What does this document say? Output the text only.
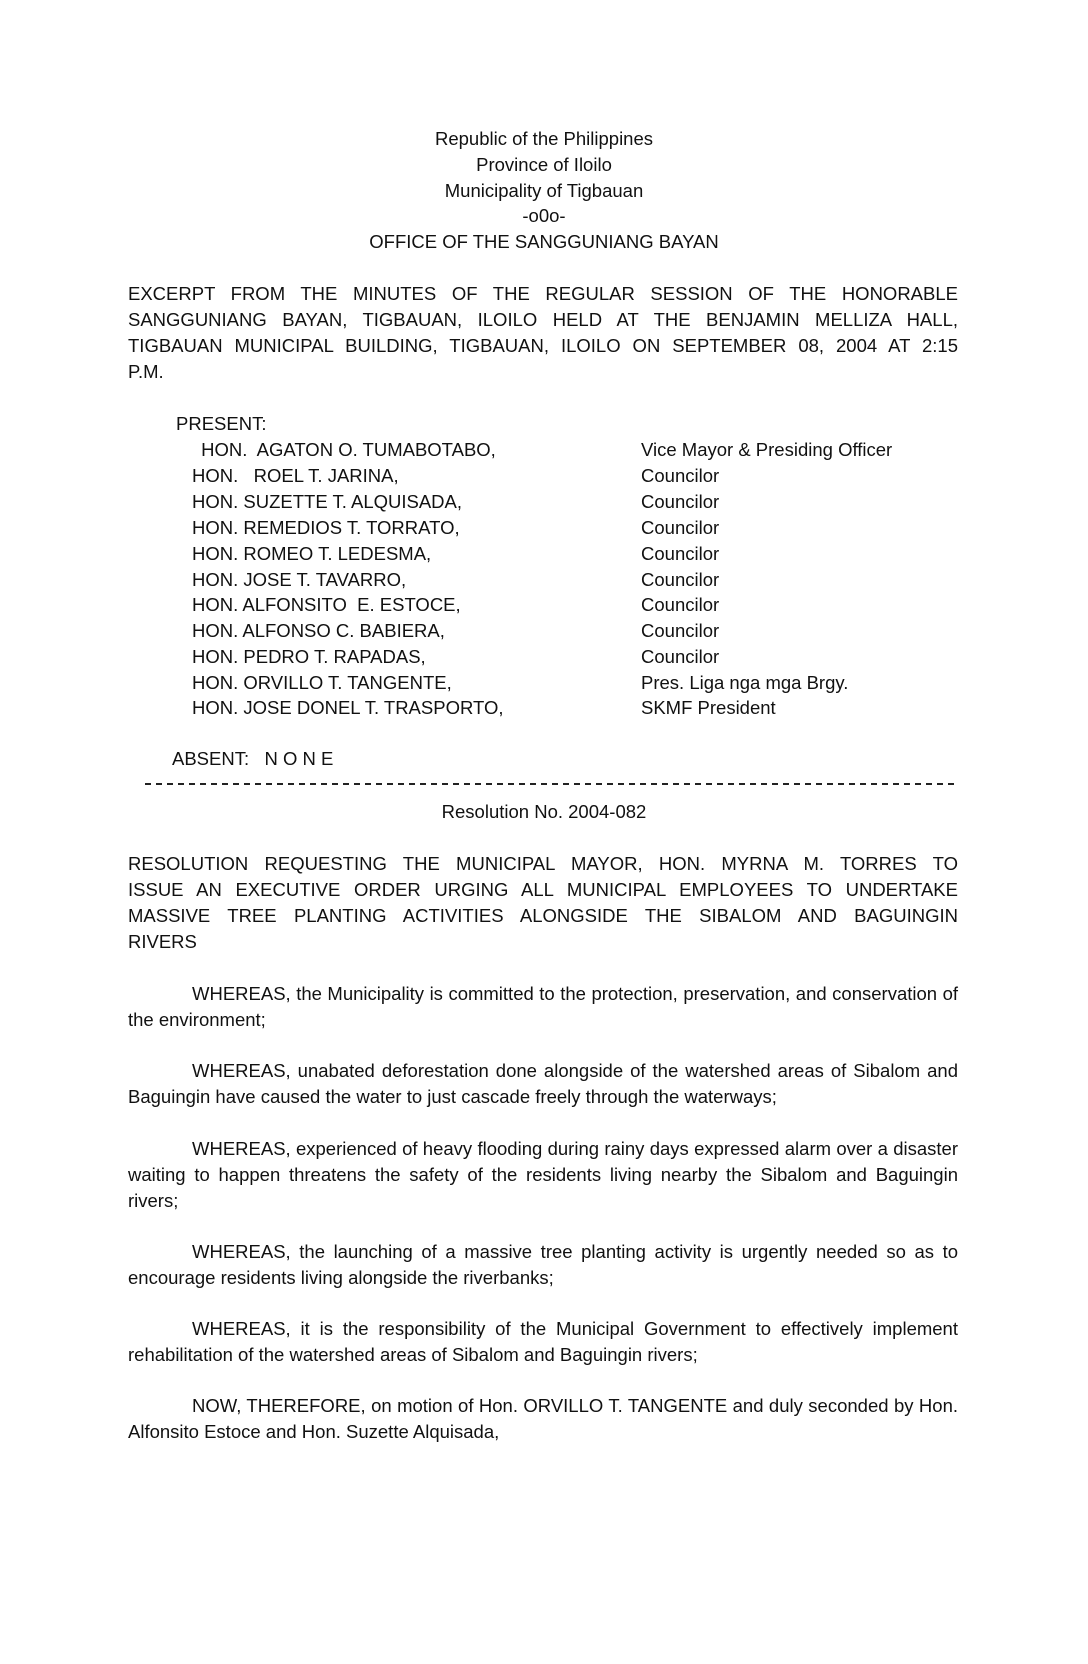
Republic of the Philippines
Province of Iloilo
Municipality of Tigbauan
-o0o-
OFFICE OF THE SANGGUNIANG BAYAN
EXCERPT FROM THE MINUTES OF THE REGULAR SESSION OF THE HONORABLE
SANGGUNIANG BAYAN, TIGBAUAN, ILOILO HELD AT THE BENJAMIN MELLIZA HALL,
TIGBAUAN MUNICIPAL BUILDING, TIGBAUAN, ILOILO ON SEPTEMBER 08, 2004 AT 2:15
P.M.
PRESENT:
HON.  AGATON O. TUMABOTABO,	Vice Mayor & Presiding Officer
HON.   ROEL T. JARINA,	Councilor
HON. SUZETTE T. ALQUISADA,	Councilor
HON. REMEDIOS T. TORRATO,	Councilor
HON. ROMEO T. LEDESMA,	Councilor
HON. JOSE T. TAVARRO,	Councilor
HON. ALFONSITO  E. ESTOCE,	Councilor
HON. ALFONSO C. BABIERA,	Councilor
HON. PEDRO T. RAPADAS,	Councilor
HON. ORVILLO T. TANGENTE,	Pres. Liga nga mga Brgy.
HON. JOSE DONEL T. TRASPORTO,	SKMF President
ABSENT: N O N E
Resolution No. 2004-082
RESOLUTION REQUESTING THE MUNICIPAL MAYOR, HON. MYRNA M. TORRES TO
ISSUE AN EXECUTIVE ORDER URGING ALL MUNICIPAL EMPLOYEES TO UNDERTAKE
MASSIVE TREE PLANTING ACTIVITIES ALONGSIDE THE SIBALOM AND BAGUINGIN
RIVERS
WHEREAS, the Municipality is committed to the protection, preservation, and conservation of the environment;
WHEREAS, unabated deforestation done alongside of the watershed areas of Sibalom and Baguingin have caused the water to just cascade freely through the waterways;
WHEREAS, experienced of heavy flooding during rainy days expressed alarm over a disaster waiting to happen threatens the safety of the residents living nearby the Sibalom and Baguingin rivers;
WHEREAS, the launching of a massive tree planting activity is urgently needed so as to encourage residents living alongside the riverbanks;
WHEREAS, it is the responsibility of the Municipal Government to effectively implement rehabilitation of the watershed areas of Sibalom and Baguingin rivers;
NOW, THEREFORE, on motion of Hon. ORVILLO T. TANGENTE and duly seconded by Hon. Alfonsito Estoce and Hon. Suzette Alquisada,
